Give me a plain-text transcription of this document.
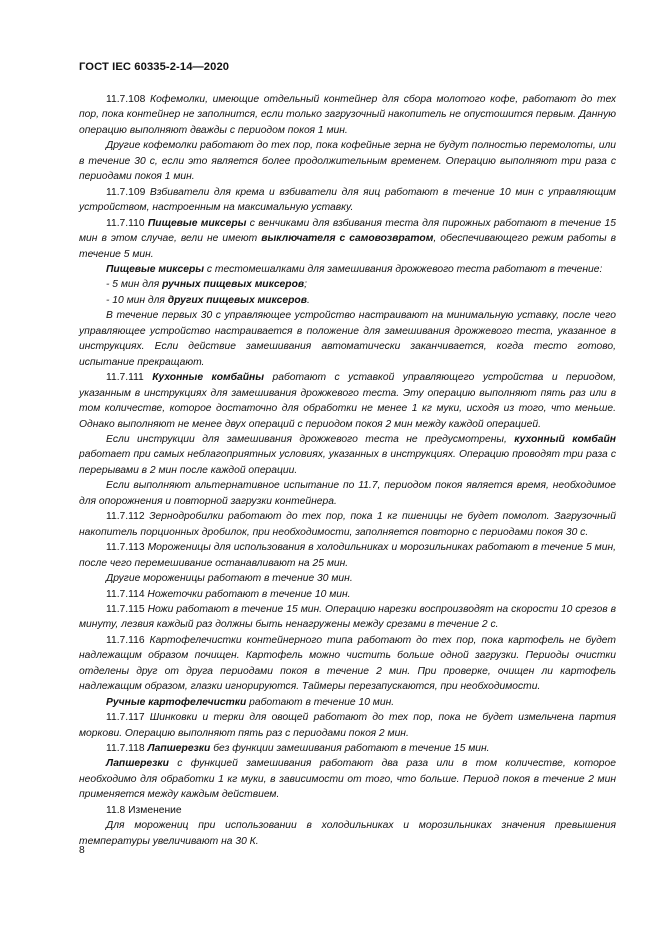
ГОСТ IEC 60335-2-14—2020

11.7.108 Кофемолки, имеющие отдельный контейнер для сбора молотого кофе, работают до тех пор, пока контейнер не заполнится, если только загрузочный накопитель не опустошится первым. Данную операцию выполняют дважды с периодом покоя 1 мин.

Другие кофемолки работают до тех пор, пока кофейные зерна не будут полностью перемолоты, или в течение 30 с, если это является более продолжительным временем. Операцию выполняют три раза с периодами покоя 1 мин.

11.7.109 Взбиватели для крема и взбиватели для яиц работают в течение 10 мин с управляющим устройством, настроенным на максимальную уставку.

11.7.110 Пищевые миксеры с венчиками для взбивания теста для пирожных работают в течение 15 мин в этом случае, вели не имеют выключателя с самовозвратом, обеспечивающего режим работы в течение 5 мин.

Пищевые миксеры с тестомешалками для замешивания дрожжевого теста работают в течение:

- 5 мин для ручных пищевых миксеров;

- 10 мин для других пищевых миксеров.

В течение первых 30 с управляющее устройство настраивают на минимальную уставку, после чего управляющее устройство настраивается в положение для замешивания дрожжевого теста, указанное в инструкциях. Если действие замешивания автоматически заканчивается, когда тесто готово, испытание прекращают.

11.7.111 Кухонные комбайны работают с уставкой управляющего устройства и периодом, указанным в инструкциях для замешивания дрожжевого теста. Эту операцию выполняют пять раз или в том количестве, которое достаточно для обработки не менее 1 кг муки, исходя из того, что меньше. Однако выполняют не менее двух операций с периодом покоя 2 мин между каждой операцией.

Если инструкции для замешивания дрожжевого теста не предусмотрены, кухонный комбайн работает при самых неблагоприятных условиях, указанных в инструкциях. Операцию проводят три раза с перерывами в 2 мин после каждой операции.

Если выполняют альтернативное испытание по 11.7, периодом покоя является время, необходимое для опорожнения и повторной загрузки контейнера.

11.7.112 Зернодробилки работают до тех пор, пока 1 кг пшеницы не будет помолот. Загрузочный накопитель порционных дробилок, при необходимости, заполняется повторно с периодами покоя 30 с.

11.7.113 Мороженицы для использования в холодильниках и морозильниках работают в течение 5 мин, после чего перемешивание останавливают на 25 мин.

Другие мороженицы работают в течение 30 мин.

11.7.114 Ножеточки работают в течение 10 мин.

11.7.115 Ножи работают в течение 15 мин. Операцию нарезки воспроизводят на скорости 10 срезов в минуту, лезвия каждый раз должны быть ненагружены между срезами в течение 2 с.

11.7.116 Картофелечистки контейнерного типа работают до тех пор, пока картофель не будет надлежащим образом почищен. Картофель можно чистить больше одной загрузки. Периоды очистки отделены друг от друга периодами покоя в течение 2 мин. При проверке, очищен ли картофель надлежащим образом, глазки игнорируются. Таймеры перезапускаются, при необходимости.

Ручные картофелечистки работают в течение 10 мин.

11.7.117 Шинковки и терки для овощей работают до тех пор, пока не будет измельчена партия моркови. Операцию выполняют пять раз с периодами покоя 2 мин.

11.7.118 Лапшерезки без функции замешивания работают в течение 15 мин.

Лапшерезки с функцией замешивания работают два раза или в том количестве, которое необходимо для обработки 1 кг муки, в зависимости от того, что больше. Период покоя в течение 2 мин применяется между каждым действием.

11.8 Изменение

Для морожениц при использовании в холодильниках и морозильниках значения превышения температуры увеличивают на 30 К.

8
